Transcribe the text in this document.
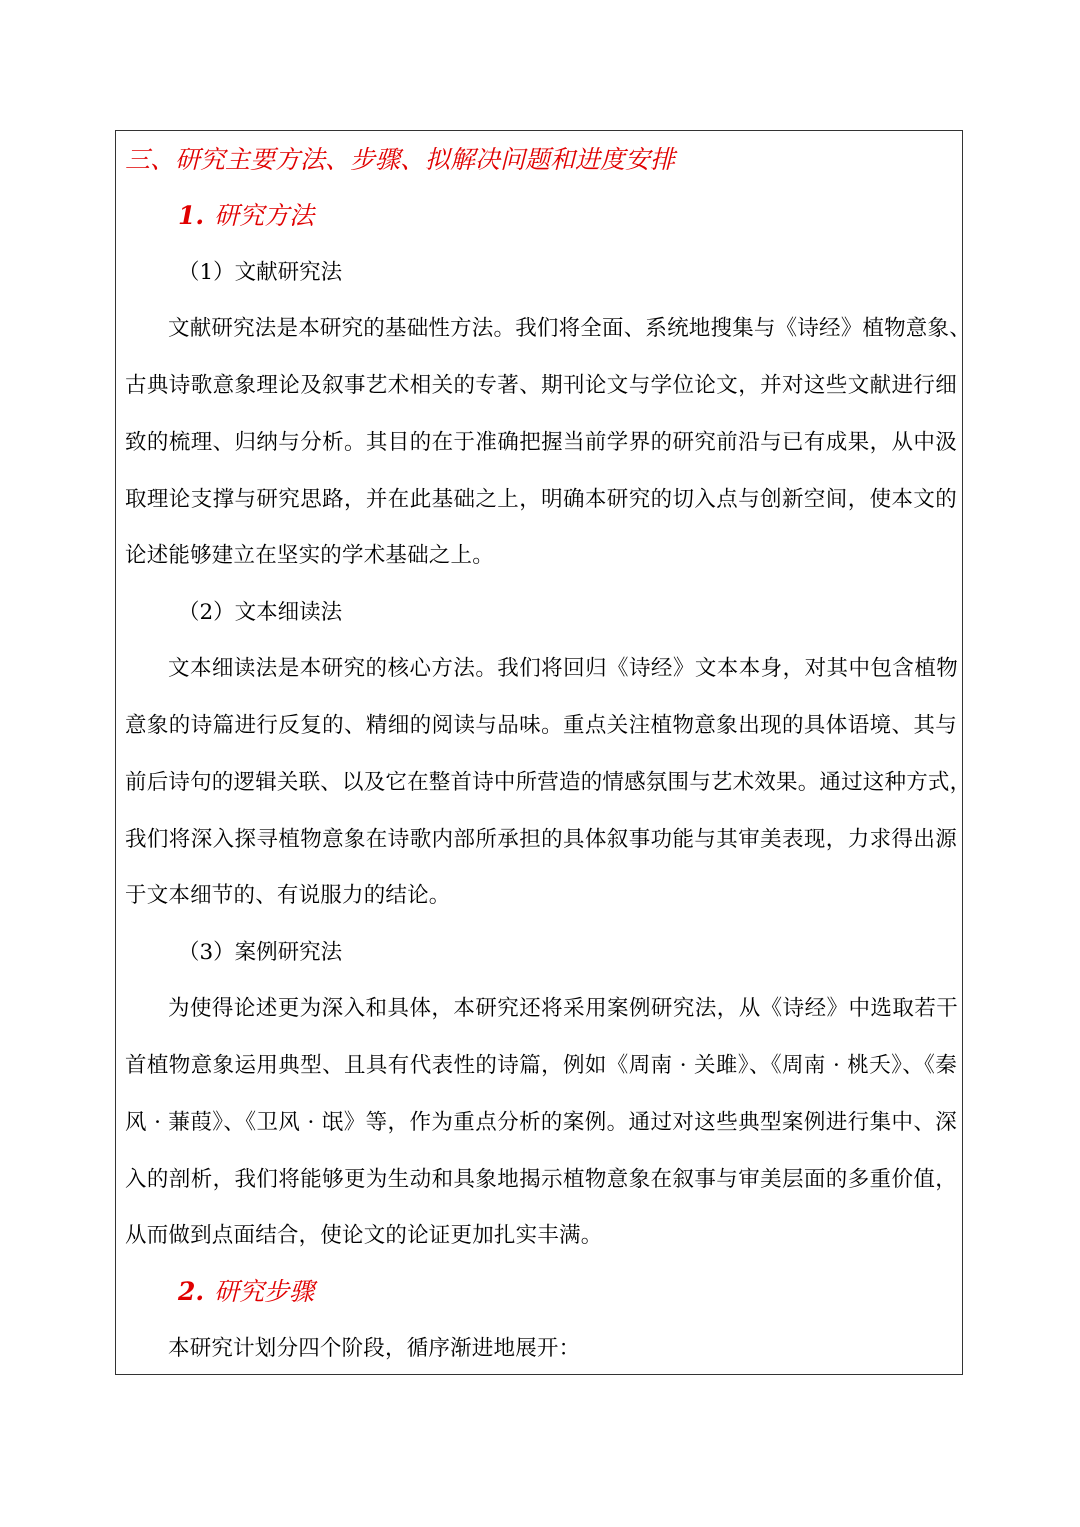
三、研究主要方法、步骤、拟解决问题和进度安排
1. 研究方法
（1）文献研究法
文献研究法是本研究的基础性方法。我们将全面、系统地搜集与《诗经》植物意象、
古典诗歌意象理论及叙事艺术相关的专著、期刊论文与学位论文，并对这些文献进行细
致的梳理、归纳与分析。其目的在于准确把握当前学界的研究前沿与已有成果，从中汲
取理论支撑与研究思路，并在此基础之上，明确本研究的切入点与创新空间，使本文的
论述能够建立在坚实的学术基础之上。
（2）文本细读法
文本细读法是本研究的核心方法。我们将回归《诗经》文本本身，对其中包含植物
意象的诗篇进行反复的、精细的阅读与品味。重点关注植物意象出现的具体语境、其与
前后诗句的逻辑关联、以及它在整首诗中所营造的情感氛围与艺术效果。通过这种方式，
我们将深入探寻植物意象在诗歌内部所承担的具体叙事功能与其审美表现，力求得出源
于文本细节的、有说服力的结论。
（3）案例研究法
为使得论述更为深入和具体，本研究还将采用案例研究法，从《诗经》中选取若干
首植物意象运用典型、且具有代表性的诗篇，例如《周南 · 关雎》、《周南 · 桃夭》、《秦
风 · 蒹葭》、《卫风 · 氓》等，作为重点分析的案例。通过对这些典型案例进行集中、深
入的剖析，我们将能够更为生动和具象地揭示植物意象在叙事与审美层面的多重价值，
从而做到点面结合，使论文的论证更加扎实丰满。
2. 研究步骤
本研究计划分四个阶段，循序渐进地展开：
